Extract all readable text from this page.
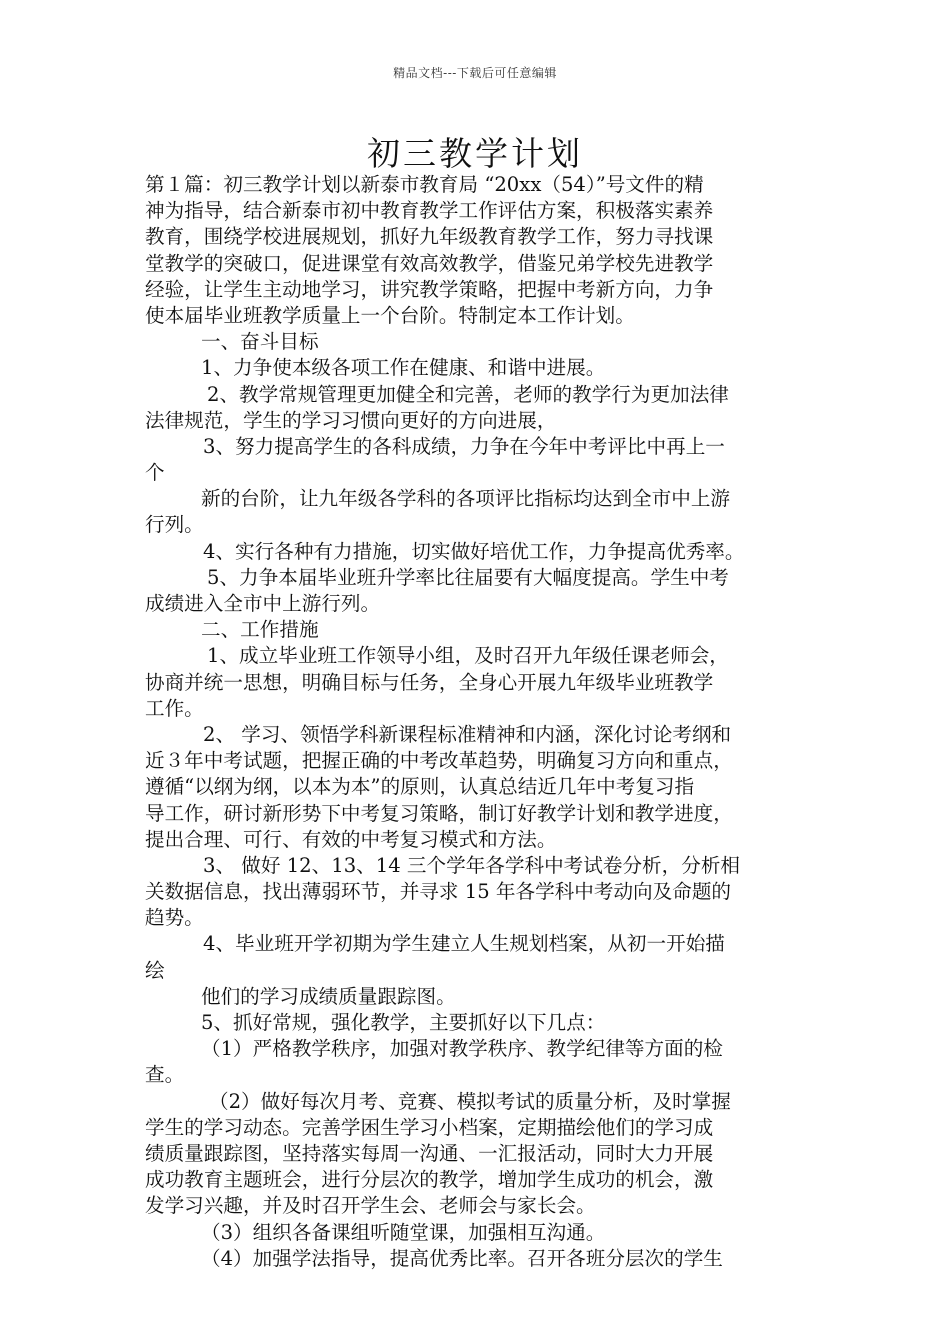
精品文档---下载后可任意编辑
初三教学计划
第１篇：初三教学计划以新泰市教育局 “20xx（54）”号文件的精
神为指导，结合新泰市初中教育教学工作评估方案，积极落实素养
教育，围绕学校进展规划，抓好九年级教育教学工作，努力寻找课
堂教学的突破口，促进课堂有效高效教学，借鉴兄弟学校先进教学
经验，让学生主动地学习，讲究教学策略，把握中考新方向，力争
使本届毕业班教学质量上一个台阶。特制定本工作计划。
一、奋斗目标
1、力争使本级各项工作在健康、和谐中进展。
2、教学常规管理更加健全和完善，老师的教学行为更加法律
法律规范，学生的学习习惯向更好的方向进展，
3、努力提高学生的各科成绩，力争在今年中考评比中再上一
个
新的台阶，让九年级各学科的各项评比指标均达到全市中上游
行列。
4、实行各种有力措施，切实做好培优工作，力争提高优秀率。
5、力争本届毕业班升学率比往届要有大幅度提高。学生中考
成绩进入全市中上游行列。
二、工作措施
1、成立毕业班工作领导小组，及时召开九年级任课老师会，
协商并统一思想，明确目标与任务，全身心开展九年级毕业班教学
工作。
2、 学习、领悟学科新课程标准精神和内涵，深化讨论考纲和
近３年中考试题，把握正确的中考改革趋势，明确复习方向和重点，
遵循“以纲为纲，以本为本”的原则，认真总结近几年中考复习指
导工作，研讨新形势下中考复习策略，制订好教学计划和教学进度，
提出合理、可行、有效的中考复习模式和方法。
3、 做好 12、13、14 三个学年各学科中考试卷分析，分析相
关数据信息，找出薄弱环节，并寻求 15 年各学科中考动向及命题的
趋势。
4、毕业班开学初期为学生建立人生规划档案，从初一开始描
绘
他们的学习成绩质量跟踪图。
5、抓好常规，强化教学，主要抓好以下几点：
（1）严格教学秩序，加强对教学秩序、教学纪律等方面的检
查。
（2）做好每次月考、竞赛、模拟考试的质量分析，及时掌握
学生的学习动态。完善学困生学习小档案，定期描绘他们的学习成
绩质量跟踪图，坚持落实每周一沟通、一汇报活动，同时大力开展
成功教育主题班会，进行分层次的教学，增加学生成功的机会，激
发学习兴趣，并及时召开学生会、老师会与家长会。
（3）组织各备课组听随堂课，加强相互沟通。
（4）加强学法指导，提高优秀比率。召开各班分层次的学生
